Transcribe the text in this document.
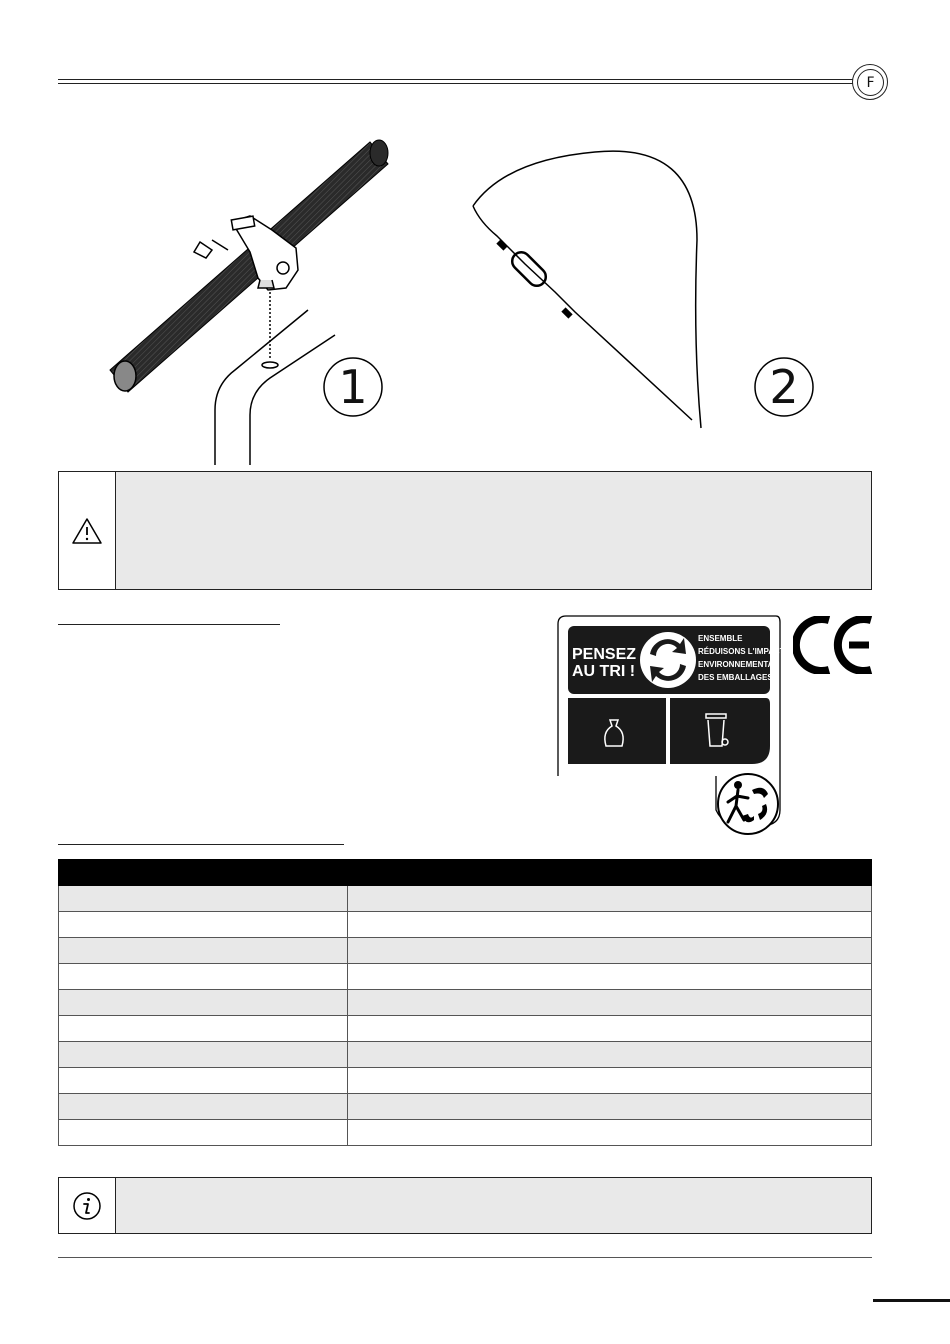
F
1	2
PENSEZ
AU TRI !
ENSEMBLE
RÉDUISONS L'IMPACT
ENVIRONNEMENTAL
DES EMBALLAGES
